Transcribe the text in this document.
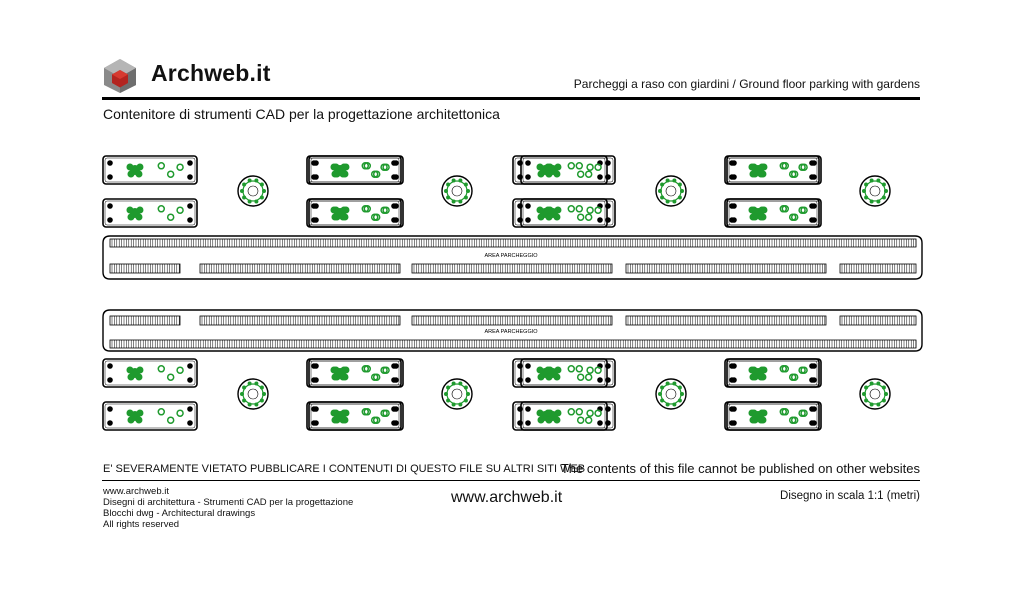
Archweb.it	Parcheggi a raso con giardini / Ground floor parking with gardens
Contenitore di strumenti CAD per la progettazione architettonica
AREA PARCHEGGIO
AREA PARCHEGGIO
E' SEVERAMENTE VIETATO PUBBLICARE I CONTENUTI DI QUESTO FILE SU ALTRI SITI WEB
The contents of this file cannot be published on other websites
www.archweb.it
Disegni di architettura - Strumenti CAD per la progettazione
Blocchi dwg - Architectural drawings
All rights reserved
www.archweb.it	Disegno in scala 1:1 (metri)
